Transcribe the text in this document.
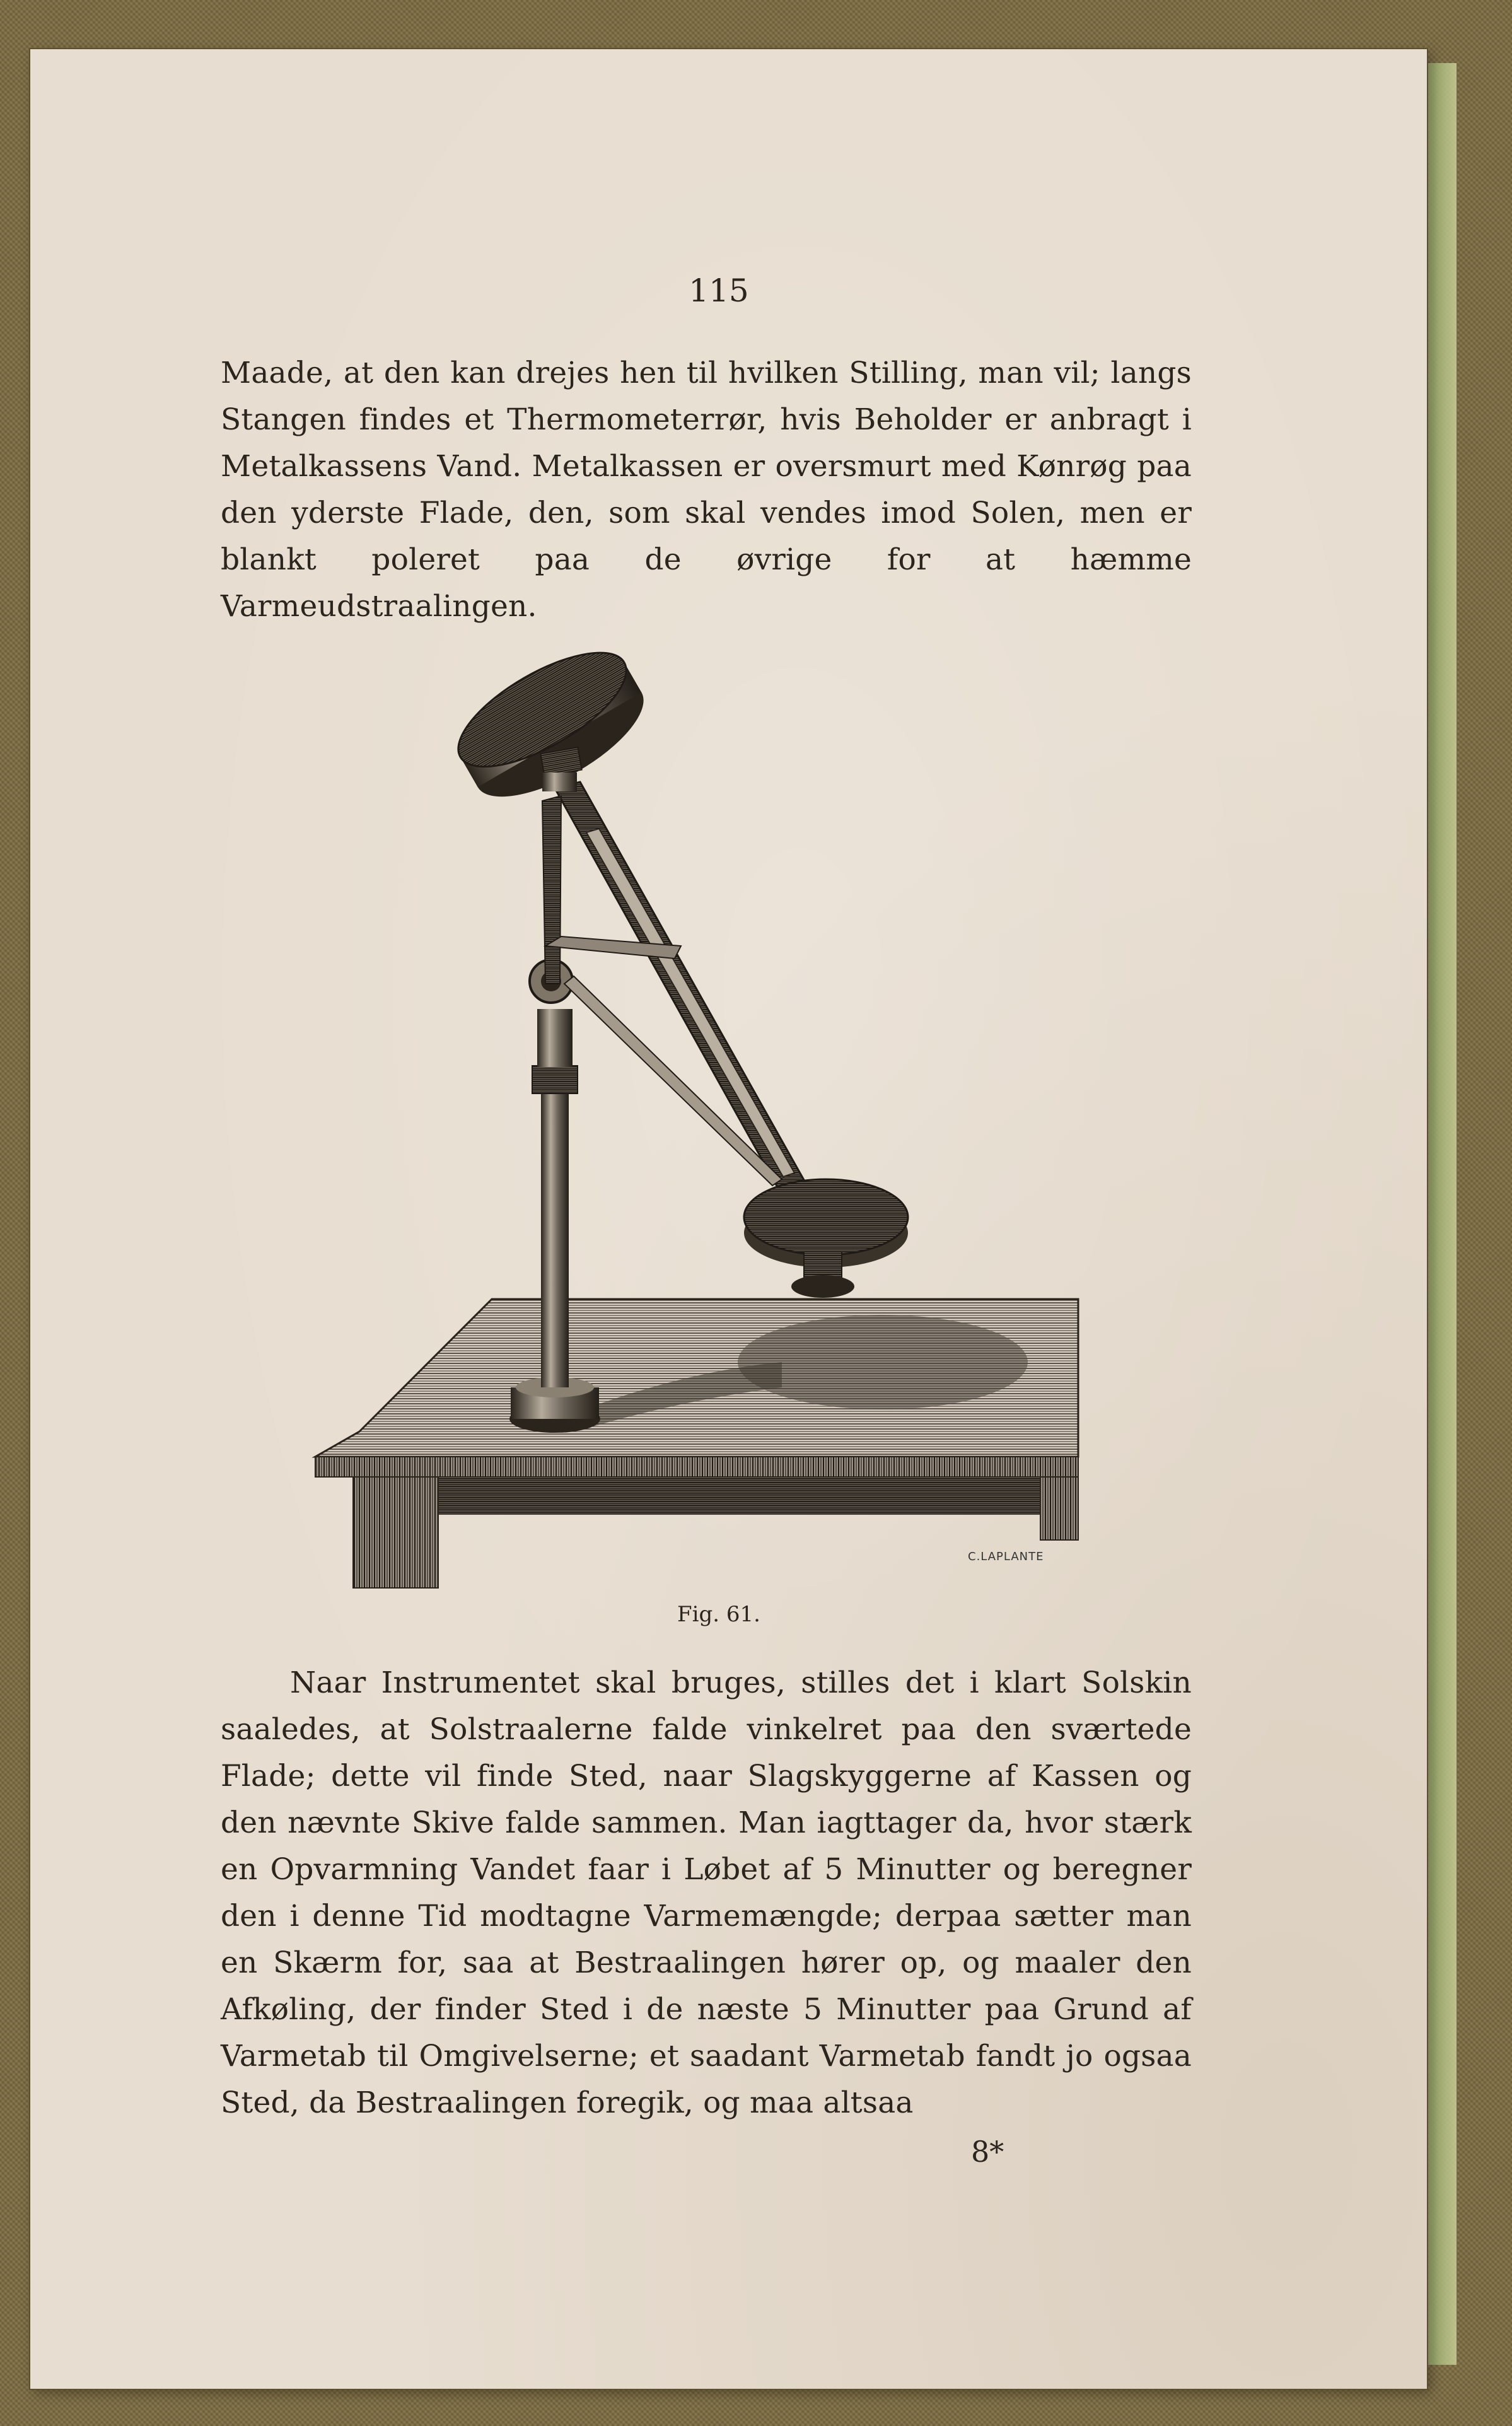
115
Maade, at den kan drejes hen til hvilken Stilling, man vil; langs Stangen findes et Thermometerrør, hvis Beholder er anbragt i Metalkassens Vand. Metalkassen er oversmurt med Kønrøg paa den yderste Flade, den, som skal vendes imod Solen, men er blankt poleret paa de øvrige for at hæmme Varmeudstraalingen.
C.LAPLANTE
Fig. 61.
Naar Instrumentet skal bruges, stilles det i klart Solskin saaledes, at Solstraalerne falde vinkelret paa den sværtede Flade; dette vil finde Sted, naar Slagskyggerne af Kassen og den nævnte Skive falde sammen. Man iagttager da, hvor stærk en Opvarmning Vandet faar i Løbet af 5 Minutter og beregner den i denne Tid modtagne Varmemængde; derpaa sætter man en Skærm for, saa at Bestraalingen hører op, og maaler den Afkøling, der finder Sted i de næste 5 Minutter paa Grund af Varmetab til Omgivelserne; et saadant Varmetab fandt jo ogsaa Sted, da Bestraalingen foregik, og maa altsaa
8*
